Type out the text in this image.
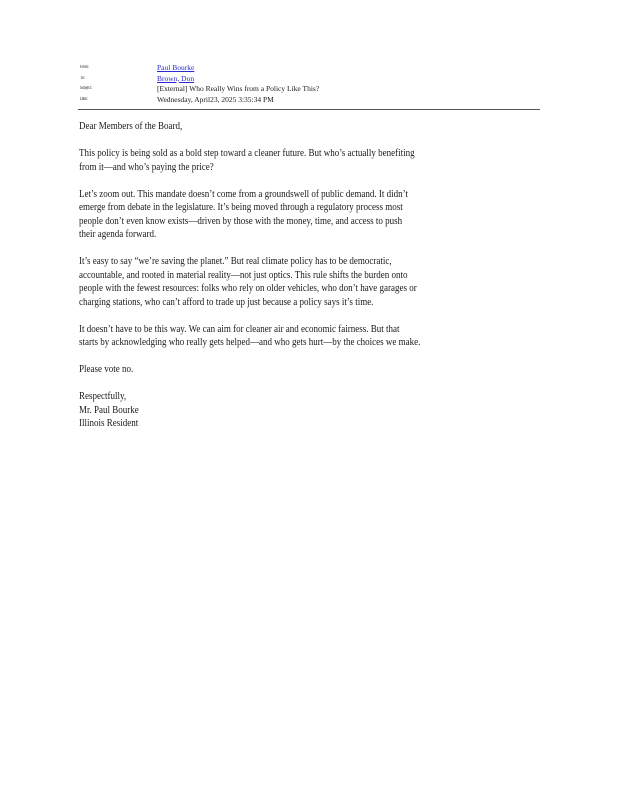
From:	Paul Bourke
To:	Brown, Don
Subject:	[External] Who Really Wins from a Policy Like This?
Date:	Wednesday, April23, 2025 3:35:34 PM

Dear Members of the Board,

This policy is being sold as a bold step toward a cleaner future. But who’s actually benefiting
from it—and who’s paying the price?

Let’s zoom out. This mandate doesn’t come from a groundswell of public demand. It didn’t
emerge from debate in the legislature. It’s being moved through a regulatory process most
people don’t even know exists—driven by those with the money, time, and access to push
their agenda forward.

It’s easy to say “we’re saving the planet.” But real climate policy has to be democratic,
accountable, and rooted in material reality—not just optics. This rule shifts the burden onto
people with the fewest resources: folks who rely on older vehicles, who don’t have garages or
charging stations, who can’t afford to trade up just because a policy says it’s time.

It doesn’t have to be this way. We can aim for cleaner air and economic fairness. But that
starts by acknowledging who really gets helped—and who gets hurt—by the choices we make.

Please vote no.

Respectfully,
Mr. Paul Bourke
Illinois Resident
